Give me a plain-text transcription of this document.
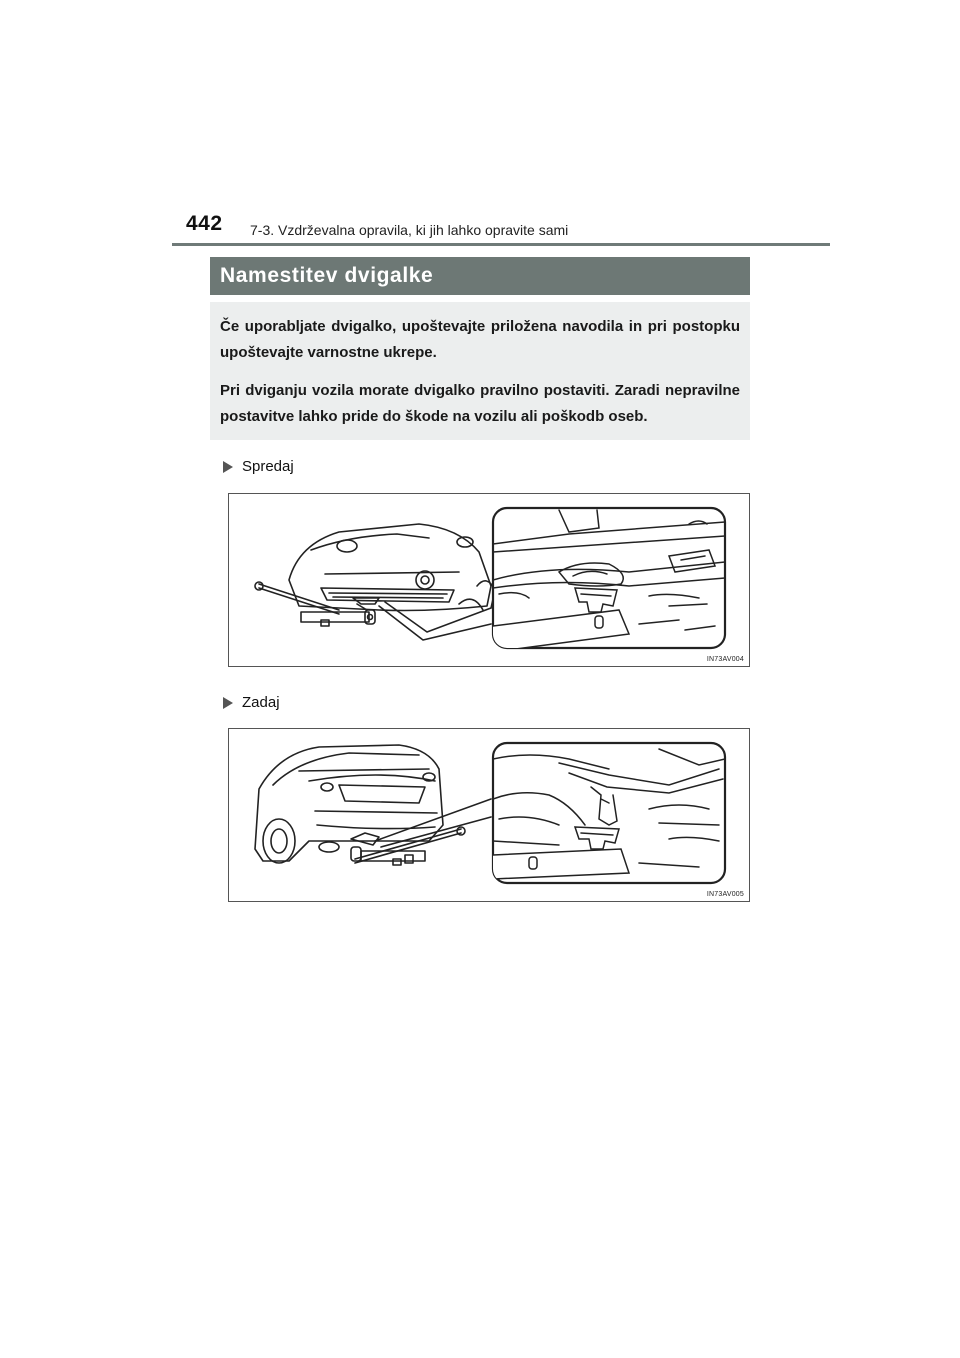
442 7-3. Vzdrževalna opravila, ki jih lahko opravite sami
Namestitev dvigalke

Če uporabljate dvigalko, upoštevajte priložena navodila in pri postopku upoštevajte varnostne ukrepe.

Pri dviganju vozila morate dvigalko pravilno postaviti. Zaradi nepravilne postavitve lahko pride do škode na vozilu ali poškodb oseb.

Spredaj
IN73AV004
Zadaj
IN73AV005
